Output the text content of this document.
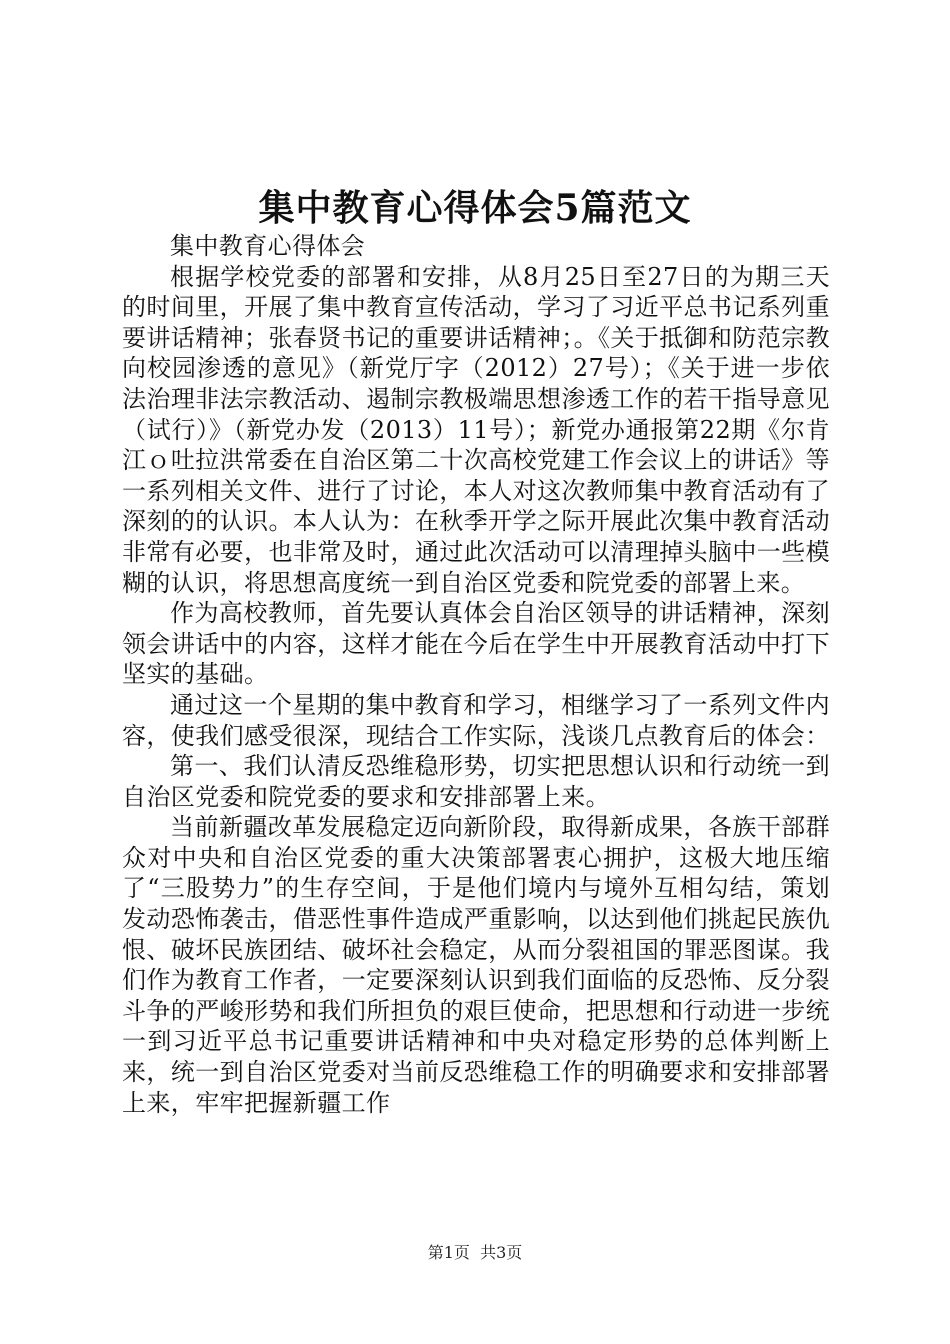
集中教育心得体会5篇范文

集中教育心得体会

根据学校党委的部署和安排，从8月25日至27日的为期三天的时间里，开展了集中教育宣传活动，学习了习近平总书记系列重要讲话精神；张春贤书记的重要讲话精神；。《关于抵御和防范宗教向校园渗透的意见》（新党厅字（2012）27号）；《关于进一步依法治理非法宗教活动、遏制宗教极端思想渗透工作的若干指导意见（试行）》（新党办发（2013）11号）；新党办通报第22期《尔肯江ｏ吐拉洪常委在自治区第二十次高校党建工作会议上的讲话》等一系列相关文件、进行了讨论，本人对这次教师集中教育活动有了深刻的的认识。本人认为：在秋季开学之际开展此次集中教育活动非常有必要，也非常及时，通过此次活动可以清理掉头脑中一些模糊的认识，将思想高度统一到自治区党委和院党委的部署上来。

作为高校教师，首先要认真体会自治区领导的讲话精神，深刻领会讲话中的内容，这样才能在今后在学生中开展教育活动中打下坚实的基础。

通过这一个星期的集中教育和学习，相继学习了一系列文件内容，使我们感受很深，现结合工作实际，浅谈几点教育后的体会：

第一、我们认清反恐维稳形势，切实把思想认识和行动统一到自治区党委和院党委的要求和安排部署上来。

当前新疆改革发展稳定迈向新阶段，取得新成果，各族干部群众对中央和自治区党委的重大决策部署衷心拥护，这极大地压缩了“三股势力”的生存空间，于是他们境内与境外互相勾结，策划发动恐怖袭击，借恶性事件造成严重影响，以达到他们挑起民族仇恨、破坏民族团结、破坏社会稳定，从而分裂祖国的罪恶图谋。我们作为教育工作者，一定要深刻认识到我们面临的反恐怖、反分裂斗争的严峻形势和我们所担负的艰巨使命，把思想和行动进一步统一到习近平总书记重要讲话精神和中央对稳定形势的总体判断上来，统一到自治区党委对当前反恐维稳工作的明确要求和安排部署上来，牢牢把握新疆工作

第1页 共3页
